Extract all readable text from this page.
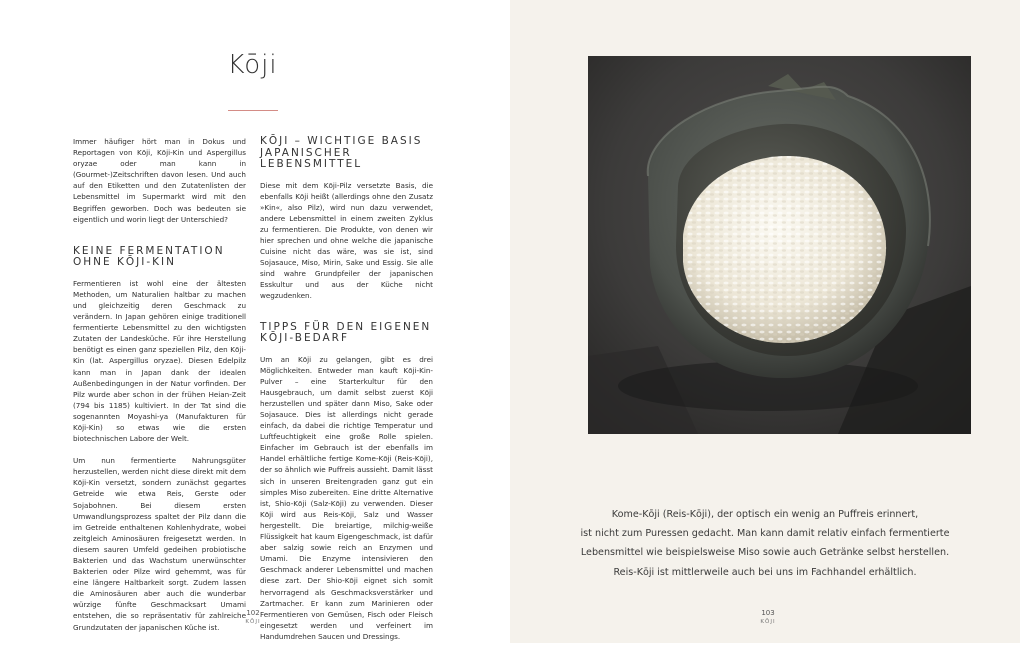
Kōji

Immer häufiger hört man in Dokus und Reportagen von Kōji, Kōji-Kin und Aspergillus oryzae oder man kann in (Gourmet-)Zeitschriften davon lesen. Und auch auf den Etiketten und den Zutatenlisten der Lebensmittel im Supermarkt wird mit den Begriffen geworben. Doch was bedeuten sie eigentlich und worin liegt der Unterschied?

KEINE FERMENTATION OHNE KŌJI-KIN

Fermentieren ist wohl eine der ältesten Methoden, um Naturalien haltbar zu machen und gleichzeitig deren Geschmack zu verändern. In Japan gehören einige traditionell fermentierte Lebensmittel zu den wichtigsten Zutaten der Landesküche. Für ihre Herstellung benötigt es einen ganz speziellen Pilz, den Kōji-Kin (lat. Aspergillus oryzae). Diesen Edelpilz kann man in Japan dank der idealen Außenbedingungen in der Natur vorfinden. Der Pilz wurde aber schon in der frühen Heian-Zeit (794 bis 1185) kultiviert. In der Tat sind die sogenannten Moyashi-ya (Manufakturen für Kōji-Kin) so etwas wie die ersten biotechnischen Labore der Welt.

Um nun fermentierte Nahrungsgüter herzustellen, werden nicht diese direkt mit dem Kōji-Kin versetzt, sondern zunächst gegartes Getreide wie etwa Reis, Gerste oder Sojabohnen. Bei diesem ersten Umwandlungsprozess spaltet der Pilz dann die im Getreide enthaltenen Kohlenhydrate, wobei zeitgleich Aminosäuren freigesetzt werden. In diesem sauren Umfeld gedeihen probiotische Bakterien und das Wachstum unerwünschter Bakterien oder Pilze wird gehemmt, was für eine längere Haltbarkeit sorgt. Zudem lassen die Aminosäuren aber auch die wunderbar würzige fünfte Geschmacksart Umami entstehen, die so repräsentativ für zahlreiche Grundzutaten der japanischen Küche ist.

KŌJI – WICHTIGE BASIS JAPANISCHER LEBENSMITTEL

Diese mit dem Kōji-Pilz versetzte Basis, die ebenfalls Kōji heißt (allerdings ohne den Zusatz »Kin«, also Pilz), wird nun dazu verwendet, andere Lebensmittel in einem zweiten Zyklus zu fermentieren. Die Produkte, von denen wir hier sprechen und ohne welche die japanische Cuisine nicht das wäre, was sie ist, sind Sojasauce, Miso, Mirin, Sake und Essig. Sie alle sind wahre Grundpfeiler der japanischen Esskultur und aus der Küche nicht wegzudenken.

TIPPS FÜR DEN EIGENEN KŌJI-BEDARF

Um an Kōji zu gelangen, gibt es drei Möglichkeiten. Entweder man kauft Kōji-Kin-Pulver – eine Starterkultur für den Hausgebrauch, um damit selbst zuerst Kōji herzustellen und später dann Miso, Sake oder Sojasauce. Dies ist allerdings nicht gerade einfach, da dabei die richtige Temperatur und Luftfeuchtigkeit eine große Rolle spielen. Einfacher im Gebrauch ist der ebenfalls im Handel erhältliche fertige Kome-Kōji (Reis-Kōji), der so ähnlich wie Puffreis aussieht. Damit lässt sich in unseren Breitengraden ganz gut ein simples Miso zubereiten. Eine dritte Alternative ist, Shio-Kōji (Salz-Kōji) zu verwenden. Dieser Kōji wird aus Reis-Kōji, Salz und Wasser hergestellt. Die breiartige, milchig-weiße Flüssigkeit hat kaum Eigengeschmack, ist dafür aber salzig sowie reich an Enzymen und Umami. Die Enzyme intensivieren den Geschmack anderer Lebensmittel und machen diese zart. Der Shio-Kōji eignet sich somit hervorragend als Geschmacksverstärker und Zartmacher. Er kann zum Marinieren oder Fermentieren von Gemüsen, Fisch oder Fleisch eingesetzt werden und verfeinert im Handumdrehen Saucen und Dressings.

102
KŌJI

Kome-Kōji (Reis-Kōji), der optisch ein wenig an Puffreis erinnert,
ist nicht zum Puressen gedacht. Man kann damit relativ einfach fermentierte
Lebensmittel wie beispielsweise Miso sowie auch Getränke selbst herstellen.
Reis-Kōji ist mittlerweile auch bei uns im Fachhandel erhältlich.

103
KŌJI
